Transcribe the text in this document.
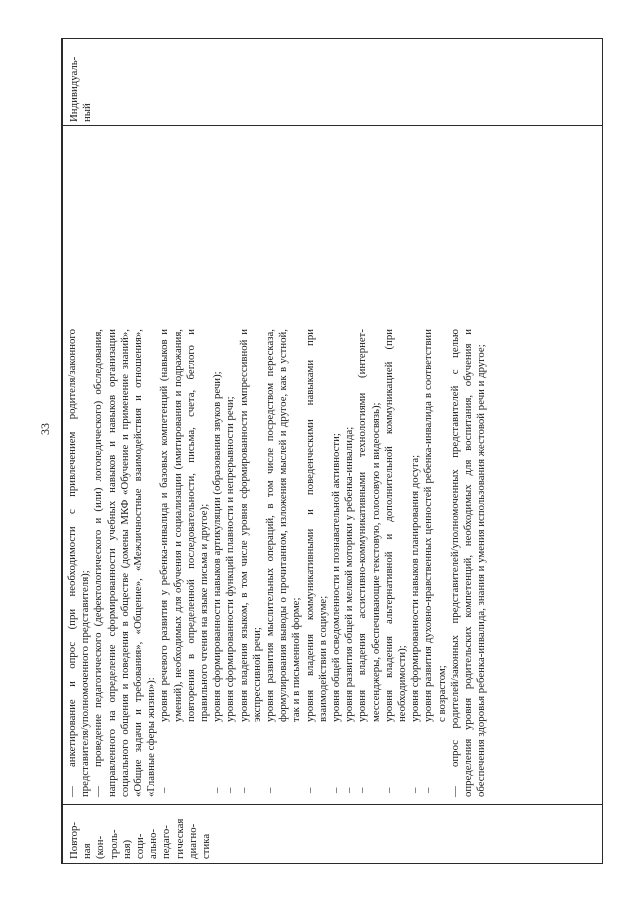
33
Повтор- ная (кон- троль- ная) соци- ально- педаго- гическая диагно- стика
—анкетирование и опрос (при необходимости с привлечением родителя/законного представителя/уполномоченного представителя); —проведение педагогического (дефектологического и (или) логопедического) обследования, направленного на определение сформированности учебных навыков и навыков организации социального общения и поведения в обществе (домены МКФ «Обучение и применение знаний», «Общие задачи и требования», «Общение», «Межличностные взаимодействия и отношения», «Главные сферы жизни»): –
уровня речевого развития у ребенка-инвалида и базовых компетенций (навыков и умений), необходимых для обучения и социализации (имитирования и подражания, повторения в определенной последовательности, письма, счета, беглого и правильного чтения на языке письма и другое);
–
уровня сформированности навыков артикуляции (образования звуков речи);
–
уровня сформированности функций плавности и непрерывности речи;
–
уровня владения языком, в том числе уровня сформированности импрессивной и экспрессивной речи;
–
уровня развития мыслительных операций, в том числе посредством пересказа, формулирования выводы о прочитанном, изложения мыслей и другое, как в устной, так и в письменной форме;
–
уровня владения коммуникативными и поведенческими навыками при взаимодействии в социуме;
–
уровня общей осведомленности и познавательной активности;
–
уровня развития общей и мелкой моторики у ребенка-инвалида;
–
уровня владения ассистивно-коммуникативными технологиями (интернет-мессенджеры, обеспечивающие текстовую, голосовую и видеосвязь);
–
уровня владения альтернативной и дополнительной коммуникацией (при необходимости);
–
уровня сформированности навыков планирования досуга;
–
уровня развития духовно-нравственных ценностей ребенка-инвалида в соответствии с возрастом;
—опрос родителей/законных представителей/уполномоченных представителей с целью определения уровня родительских компетенций, необходимых для воспитания, обучения и обеспечения здоровья ребенка-инвалида, знания и умения использования жестовой речи и другое;
Индивидуаль- ный
